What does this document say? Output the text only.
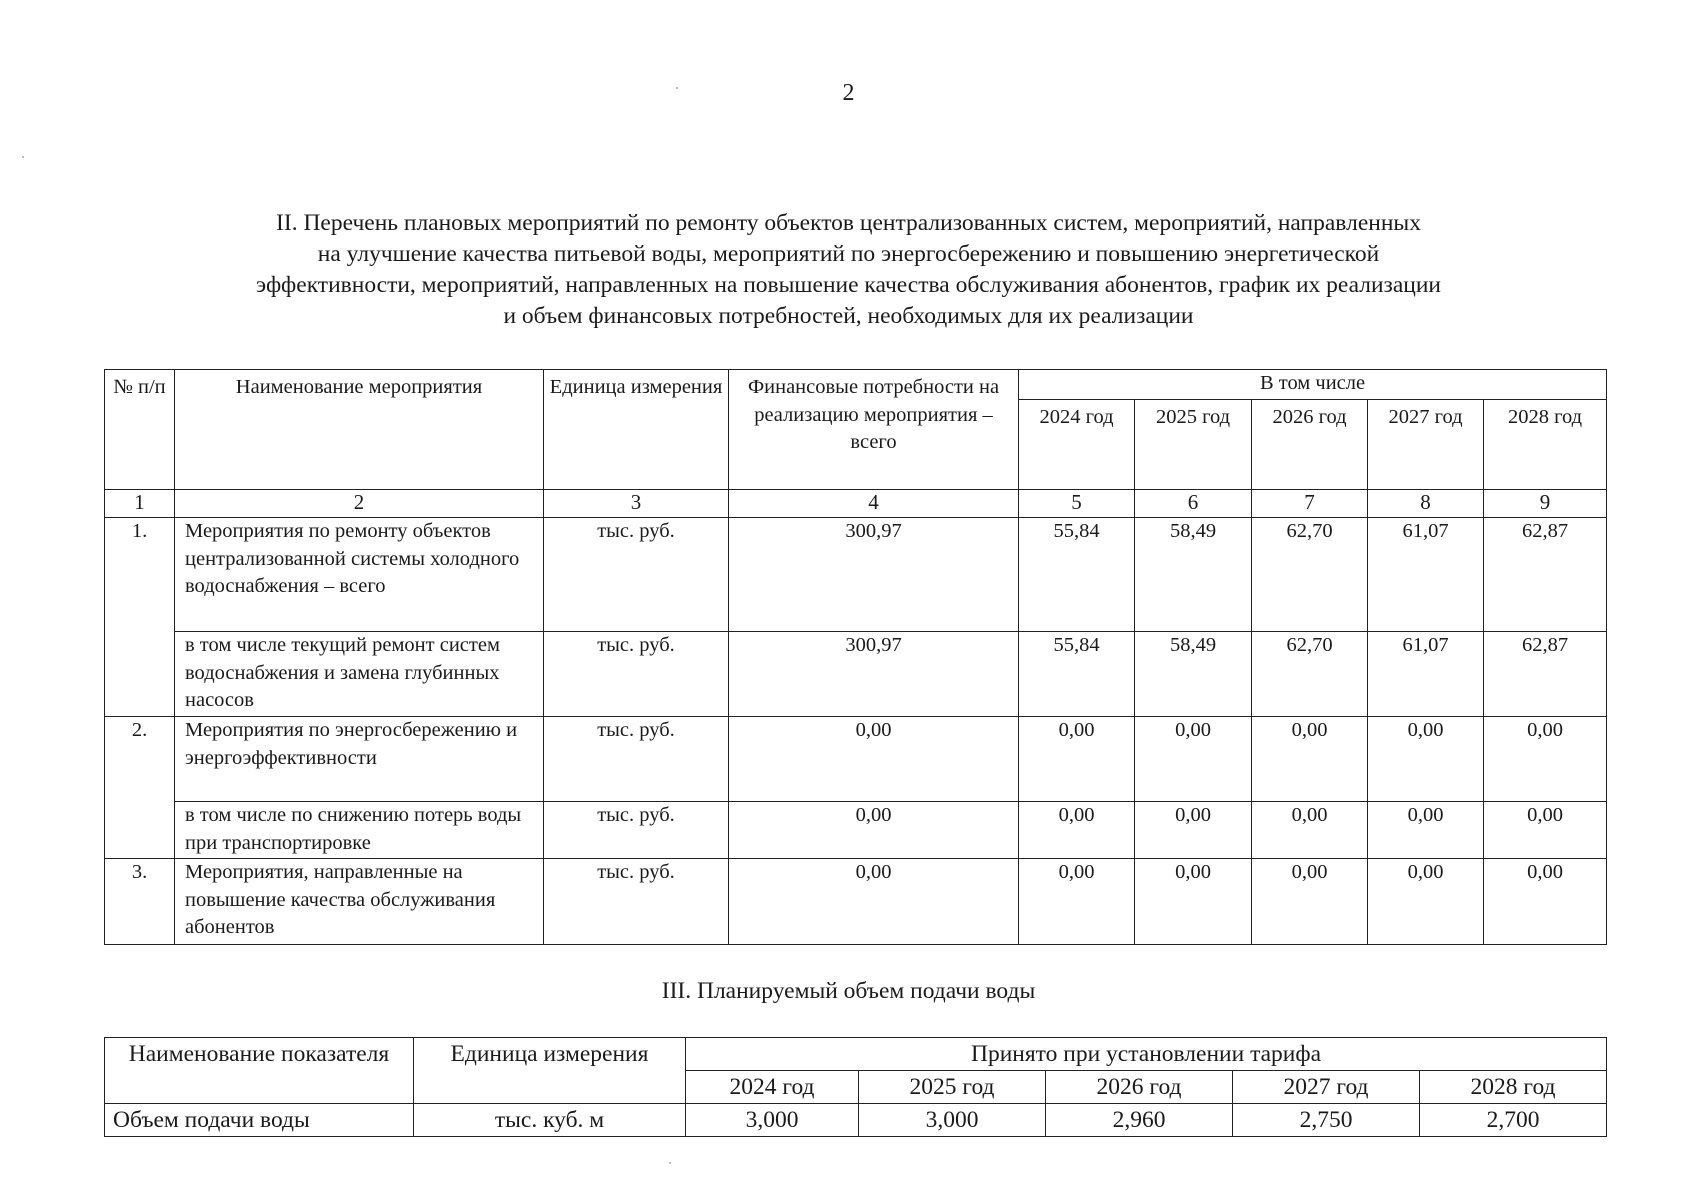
2
II. Перечень плановых мероприятий по ремонту объектов централизованных систем, мероприятий, направленных
на улучшение качества питьевой воды, мероприятий по энергосбережению и повышению энергетической
эффективности, мероприятий, направленных на повышение качества обслуживания абонентов, график их реализации
и объем финансовых потребностей, необходимых для их реализации
№ п/п	Наименование мероприятия	Единица измерения	Финансовые потребности на реализацию мероприятия – всего	В том числе				
				2024 год	2025 год	2026 год	2027 год	2028 год
1	2	3	4	5	6	7	8	9
1.	Мероприятия по ремонту объектов централизованной системы холодного водоснабжения – всего	тыс. руб.	300,97	55,84	58,49	62,70	61,07	62,87
	в том числе текущий ремонт систем водоснабжения и замена глубинных насосов	тыс. руб.	300,97	55,84	58,49	62,70	61,07	62,87
2.	Мероприятия по энергосбережению и энергоэффективности	тыс. руб.	0,00	0,00	0,00	0,00	0,00	0,00
	в том числе по снижению потерь воды при транспортировке	тыс. руб.	0,00	0,00	0,00	0,00	0,00	0,00
3.	Мероприятия, направленные на повышение качества обслуживания абонентов	тыс. руб.	0,00	0,00	0,00	0,00	0,00	0,00
III. Планируемый объем подачи воды
Наименование показателя	Единица измерения	Принято при установлении тарифа				
		2024 год	2025 год	2026 год	2027 год	2028 год
Объем подачи воды	тыс. куб. м	3,000	3,000	2,960	2,750	2,700
